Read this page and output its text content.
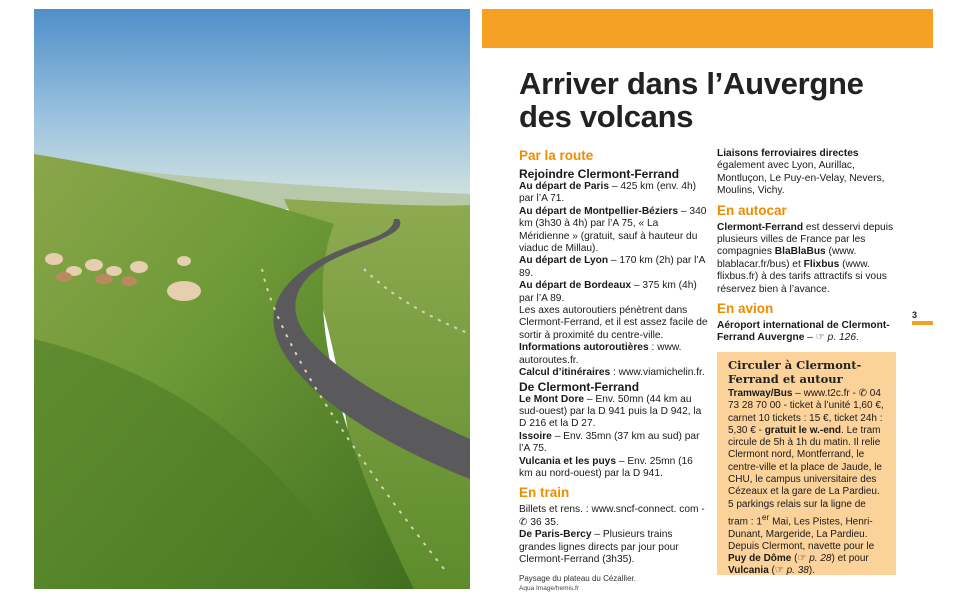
Paysage du plateau du Cézallier.
Aqua Image/hemis.fr
Arriver dans l’Auvergne des volcans
Par la route
Rejoindre Clermont-Ferrand
Au départ de Paris – 425 km (env. 4h) par l’A 71.
Au départ de Montpellier-Béziers – 340 km (3h30 à 4h) par l’A 75, « La Méridienne » (gratuit, sauf à hauteur du viaduc de Millau).
Au départ de Lyon – 170 km (2h) par l’A 89.
Au départ de Bordeaux – 375 km (4h) par l’A 89.
Les axes autoroutiers pénètrent dans Clermont-Ferrand, et il est assez facile de sortir à proximité du centre-ville.
Informations autoroutières : www. autoroutes.fr.
Calcul d’itinéraires : www.viamichelin.fr.
De Clermont-Ferrand
Le Mont Dore – Env. 50mn (44 km au sud-ouest) par la D 941 puis la D 942, la D 216 et la D 27.
Issoire – Env. 35mn (37 km au sud) par l’A 75.
Vulcania et les puys – Env. 25mn (16 km au nord-ouest) par la D 941.
En train
Billets et rens. : www.sncf-connect. com - ✆ 36 35.
De Paris-Bercy – Plusieurs trains grandes lignes directs par jour pour Clermont-Ferrand (3h35).
Liaisons ferroviaires directes également avec Lyon, Aurillac, Montluçon, Le Puy-en-Velay, Nevers, Moulins, Vichy.
En autocar
Clermont-Ferrand est desservi depuis plusieurs villes de France par les compagnies BlaBlaBus (www. blablacar.fr/bus) et Flixbus (www. flixbus.fr) à des tarifs attractifs si vous réservez bien à l’avance.
En avion
Aéroport international de Clermont-Ferrand Auvergne – ☞ p. 126.
3
Circuler à Clermont-Ferrand et autour
Tramway/Bus – www.t2c.fr - ✆ 04 73 28 70 00 - ticket à l’unité 1,60 €, carnet 10 tickets : 15 €, ticket 24h : 5,30 € - gratuit le w.-end. Le tram circule de 5h à 1h du matin. Il relie Clermont nord, Montferrand, le centre-ville et la place de Jaude, le CHU, le campus universitaire des Cézeaux et la gare de La Pardieu. 5 parkings relais sur la ligne de tram : 1er Mai, Les Pistes, Henri-Dunant, Margeride, La Pardieu.
Depuis Clermont, navette pour le Puy de Dôme (☞ p. 28) et pour Vulcania (☞ p. 38).
